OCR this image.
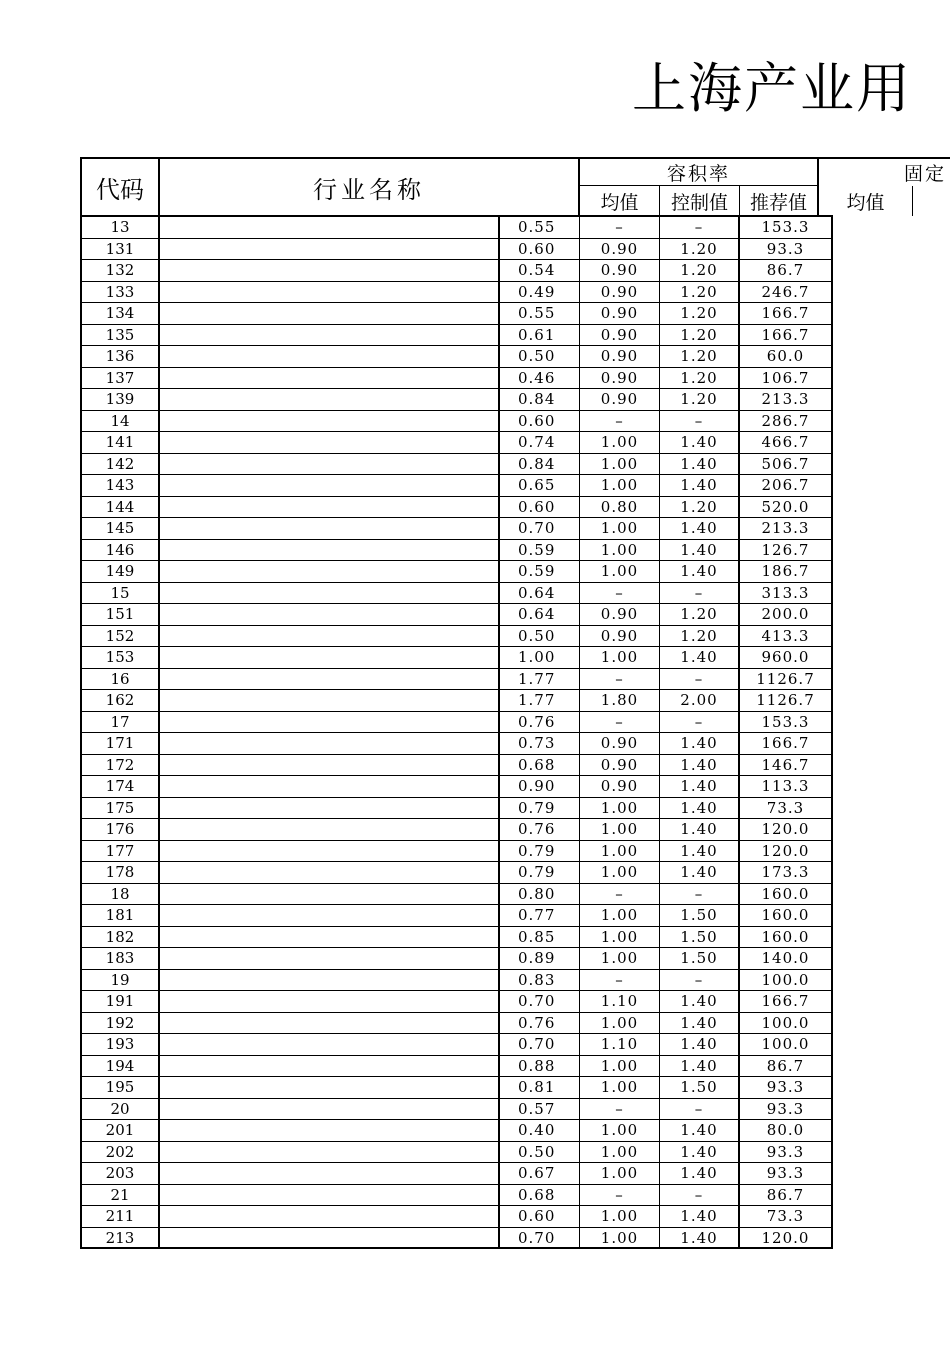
上海产业用
代码	行业名称
容积率	固定
均值	控制值	推荐值	均值
13	0.55	–	–	153.3
131	0.60	0.90	1.20	93.3
132	0.54	0.90	1.20	86.7
133	0.49	0.90	1.20	246.7
134	0.55	0.90	1.20	166.7
135	0.61	0.90	1.20	166.7
136	0.50	0.90	1.20	60.0
137	0.46	0.90	1.20	106.7
139	0.84	0.90	1.20	213.3
14	0.60	–	–	286.7
141	0.74	1.00	1.40	466.7
142	0.84	1.00	1.40	506.7
143	0.65	1.00	1.40	206.7
144	0.60	0.80	1.20	520.0
145	0.70	1.00	1.40	213.3
146	0.59	1.00	1.40	126.7
149	0.59	1.00	1.40	186.7
15	0.64	–	–	313.3
151	0.64	0.90	1.20	200.0
152	0.50	0.90	1.20	413.3
153	1.00	1.00	1.40	960.0
16	1.77	–	–	1126.7
162	1.77	1.80	2.00	1126.7
17	0.76	–	–	153.3
171	0.73	0.90	1.40	166.7
172	0.68	0.90	1.40	146.7
174	0.90	0.90	1.40	113.3
175	0.79	1.00	1.40	73.3
176	0.76	1.00	1.40	120.0
177	0.79	1.00	1.40	120.0
178	0.79	1.00	1.40	173.3
18	0.80	–	–	160.0
181	0.77	1.00	1.50	160.0
182	0.85	1.00	1.50	160.0
183	0.89	1.00	1.50	140.0
19	0.83	–	–	100.0
191	0.70	1.10	1.40	166.7
192	0.76	1.00	1.40	100.0
193	0.70	1.10	1.40	100.0
194	0.88	1.00	1.40	86.7
195	0.81	1.00	1.50	93.3
20	0.57	–	–	93.3
201	0.40	1.00	1.40	80.0
202	0.50	1.00	1.40	93.3
203	0.67	1.00	1.40	93.3
21	0.68	–	–	86.7
211	0.60	1.00	1.40	73.3
213	0.70	1.00	1.40	120.0
